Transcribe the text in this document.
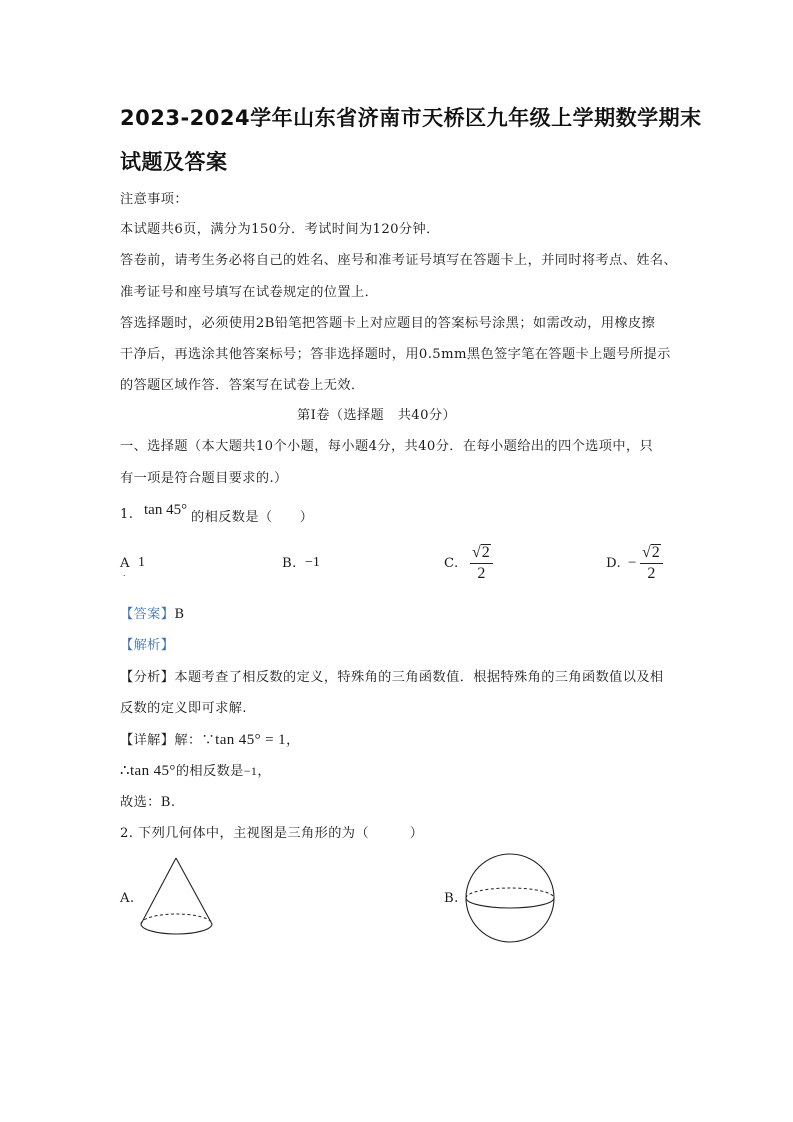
2023-2024学年山东省济南市天桥区九年级上学期数学期末
试题及答案
注意事项：
本试题共6页，满分为150分．考试时间为120分钟．
答卷前，请考生务必将自己的姓名、座号和准考证号填写在答题卡上，并同时将考点、姓名、
准考证号和座号填写在试卷规定的位置上．
答选择题时，必须使用2B铅笔把答题卡上对应题目的答案标号涂黑；如需改动，用橡皮擦
干净后，再选涂其他答案标号；答非选择题时，用0.5mm黑色签字笔在答题卡上题号所提示
的答题区域作答．答案写在试卷上无效．
第Ⅰ卷（选择题　共40分）
一、选择题（本大题共10个小题，每小题4分，共40分．在每小题给出的四个选项中，只
有一项是符合题目要求的.）
1. tan 45° 的相反数是（　　）
A
．
1	B. −1	C. $\frac{√ 2}{2}$	D. − $\frac{√ 2}{2}$
【答案】B
【解析】
【分析】本题考查了相反数的定义，特殊角的三角函数值．根据特殊角的三角函数值以及相
反数的定义即可求解.
【详解】解：∵tan 45° = 1，
∴tan 45°的相反数是−1，
故选：B.
2. 下列几何体中，主视图是三角形的为（　　　）
A.	B.
